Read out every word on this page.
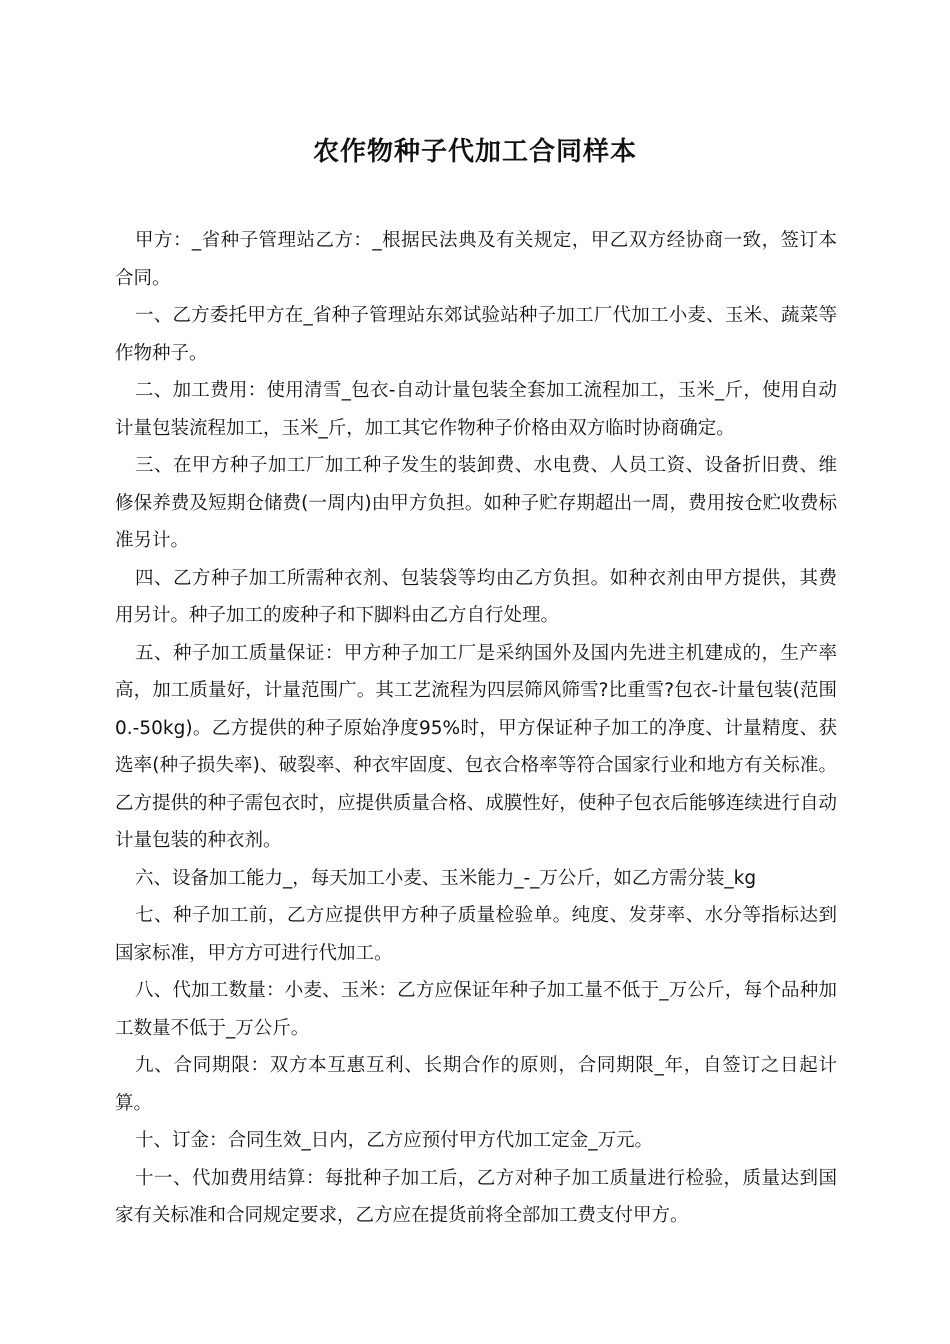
农作物种子代加工合同样本

甲方：_省种子管理站乙方：_根据民法典及有关规定，甲乙双方经协商一致，签订本合同。

一、乙方委托甲方在_省种子管理站东郊试验站种子加工厂代加工小麦、玉米、蔬菜等作物种子。

二、加工费用：使用清雪_包衣-自动计量包装全套加工流程加工，玉米_斤，使用自动计量包装流程加工，玉米_斤，加工其它作物种子价格由双方临时协商确定。

三、在甲方种子加工厂加工种子发生的装卸费、水电费、人员工资、设备折旧费、维修保养费及短期仓储费(一周内)由甲方负担。如种子贮存期超出一周，费用按仓贮收费标准另计。

四、乙方种子加工所需种衣剂、包装袋等均由乙方负担。如种衣剂由甲方提供，其费用另计。种子加工的废种子和下脚料由乙方自行处理。

五、种子加工质量保证：甲方种子加工厂是采纳国外及国内先进主机建成的，生产率高，加工质量好，计量范围广。其工艺流程为四层筛风筛雪?比重雪?包衣-计量包装(范围0.-50kg)。乙方提供的种子原始净度95%时，甲方保证种子加工的净度、计量精度、获选率(种子损失率)、破裂率、种衣牢固度、包衣合格率等符合国家行业和地方有关标准。乙方提供的种子需包衣时，应提供质量合格、成膜性好，使种子包衣后能够连续进行自动计量包装的种衣剂。

六、设备加工能力_，每天加工小麦、玉米能力_-_万公斤，如乙方需分装_kg

七、种子加工前，乙方应提供甲方种子质量检验单。纯度、发芽率、水分等指标达到国家标准，甲方方可进行代加工。

八、代加工数量：小麦、玉米：乙方应保证年种子加工量不低于_万公斤，每个品种加工数量不低于_万公斤。

九、合同期限：双方本互惠互利、长期合作的原则，合同期限_年，自签订之日起计算。

十、订金：合同生效_日内，乙方应预付甲方代加工定金_万元。

十一、代加费用结算：每批种子加工后，乙方对种子加工质量进行检验，质量达到国家有关标准和合同规定要求，乙方应在提货前将全部加工费支付甲方。
